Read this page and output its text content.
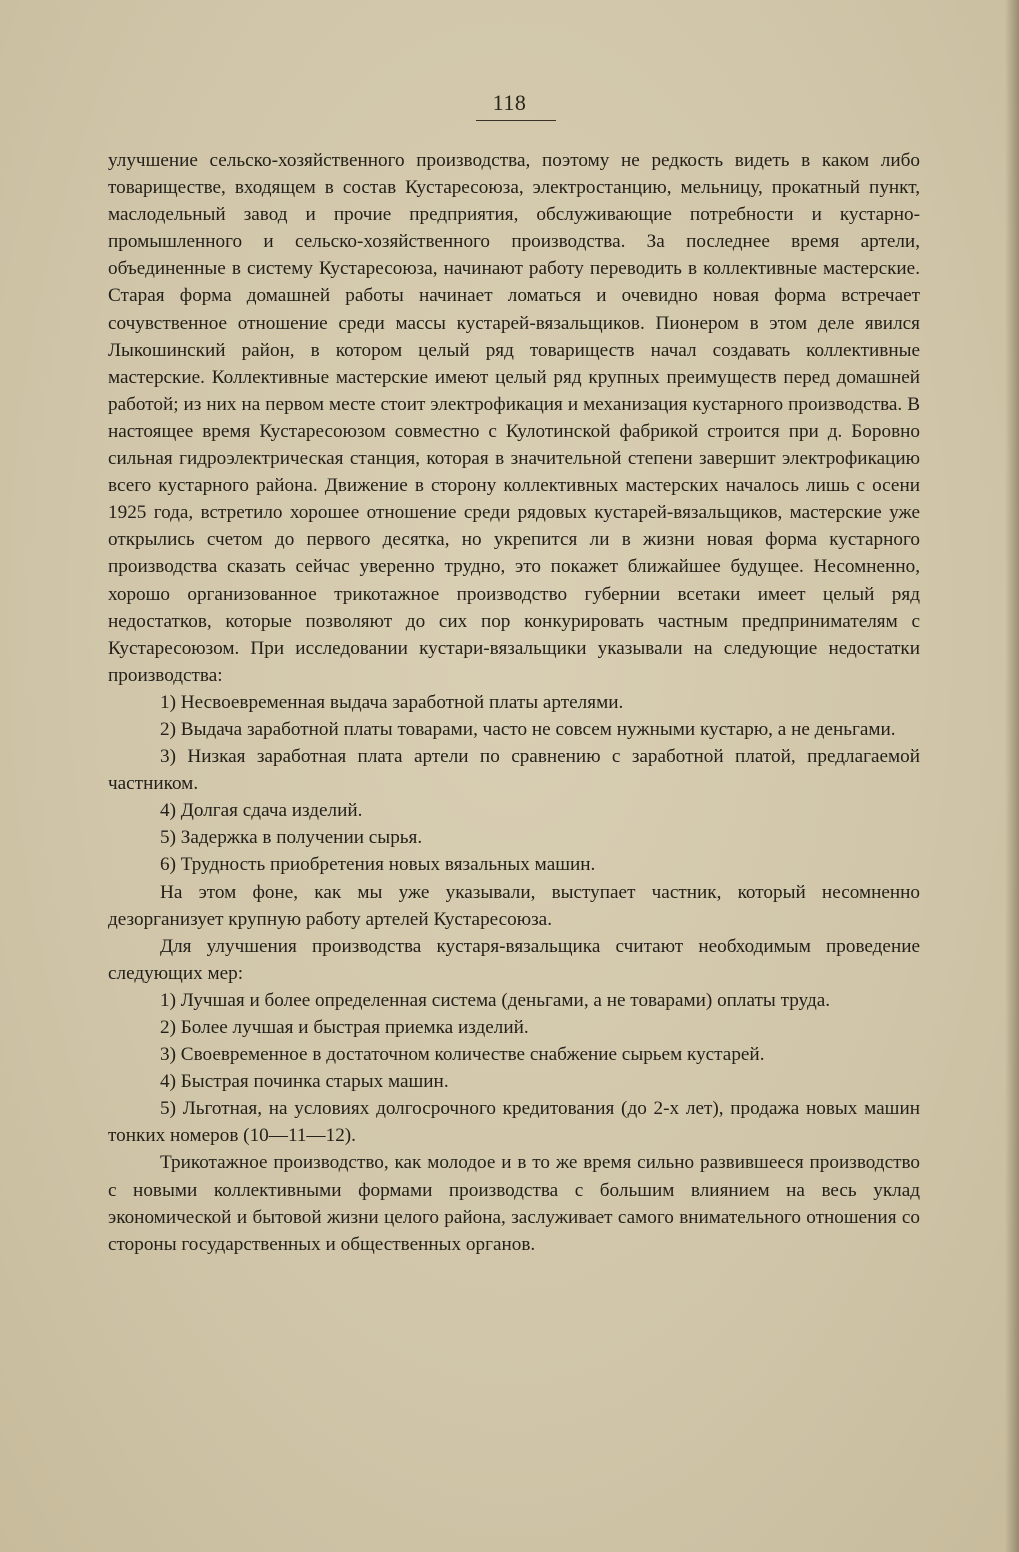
118

улучшение сельско-хозяйственного производства, поэтому не редкость видеть в каком либо товариществе, входящем в состав Кустаресоюза, электростанцию, мельницу, прокатный пункт, маслодельный завод и прочие предприятия, обслуживающие потребности и кустарно-промышленного и сельско-хозяйственного производства. За последнее время артели, объединенные в систему Кустаресоюза, начинают работу переводить в коллективные мастерские. Старая форма домашней работы начинает ломаться и очевидно новая форма встречает сочувственное отношение среди массы кустарей-вязальщиков. Пионером в этом деле явился Лыкошинский район, в котором целый ряд товариществ начал создавать коллективные мастерские. Коллективные мастерские имеют целый ряд крупных преимуществ перед домашней работой; из них на первом месте стоит электрофикация и механизация кустарного производства. В настоящее время Кустаресоюзом совместно с Кулотинской фабрикой строится при д. Боровно сильная гидроэлектрическая станция, которая в значительной степени завершит электрофикацию всего кустарного района. Движение в сторону коллективных мастерских началось лишь с осени 1925 года, встретило хорошее отношение среди рядовых кустарей-вязальщиков, мастерские уже открылись счетом до первого десятка, но укрепится ли в жизни новая форма кустарного производства сказать сейчас уверенно трудно, это покажет ближайшее будущее. Несомненно, хорошо организованное трикотажное производство губернии всетаки имеет целый ряд недостатков, которые позволяют до сих пор конкурировать частным предпринимателям с Кустаресоюзом. При исследовании кустари-вязальщики указывали на следующие недостатки производства:

1) Несвоевременная выдача заработной платы артелями.

2) Выдача заработной платы товарами, часто не совсем нужными кустарю, а не деньгами.

3) Низкая заработная плата артели по сравнению с заработной платой, предлагаемой частником.

4) Долгая сдача изделий.

5) Задержка в получении сырья.

6) Трудность приобретения новых вязальных машин.

На этом фоне, как мы уже указывали, выступает частник, который несомненно дезорганизует крупную работу артелей Кустаресоюза.

Для улучшения производства кустаря-вязальщика считают необходимым проведение следующих мер:

1) Лучшая и более определенная система (деньгами, а не товарами) оплаты труда.

2) Более лучшая и быстрая приемка изделий.

3) Своевременное в достаточном количестве снабжение сырьем кустарей.

4) Быстрая починка старых машин.

5) Льготная, на условиях долгосрочного кредитования (до 2-х лет), продажа новых машин тонких номеров (10—11—12).

Трикотажное производство, как молодое и в то же время сильно развившееся производство с новыми коллективными формами производства с большим влиянием на весь уклад экономической и бытовой жизни целого района, заслуживает самого внимательного отношения со стороны государственных и общественных органов.
